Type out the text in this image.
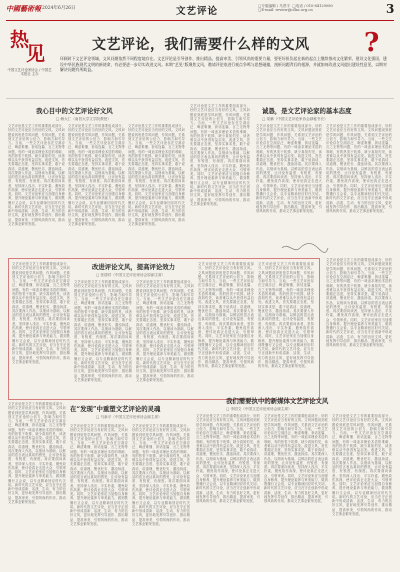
中國藝術報 2024年6月26日	文艺评论	□专版编辑 / 马景宇 □电话 / 010-84129080
□E-mail: review@cflac.org.cn	3
热
见
中国文艺评论家协会 / 中国艺术报社 主办
文艺评论，我们需要什么样的文风 ?
环顾时下文艺评论领域，文风问题依然不同程度地存在。文艺评论是引导创作、推出精品、提高审美、引领风尚的重要力量，要更好担负起在新的起点上继续推动文化繁荣、建设文化强国、建设中华民族现代文明的新使命，有必要进一步切实改进文风。本期“艺见”版聚焦文风，邀请评论家进行观点争鸣与思想碰撞，剖析问题背后的根源，并就如何改进文风提出建设性意见，以期对解决问题有所助益。
我心目中的文艺评论好文风
□ 赖大仁（南昌大学文学院教授）
文艺评论是文艺工作的重要组成部分，好的文艺评论应当有好的文风。文风问题说到底是学风问题、作风问题，关系到文艺评论的公信力、影响力和引导力。当前，一些文艺评论存在空洞浮泛、晦涩难懂、套话连篇、言之无物等问题，有的一味追求理论术语的堆砌，有的热衷于吹捧，缺少真知灼见，读者难以从中获得有益启发。改进文风，首先要端正态度，坚持实事求是，敢于说真话、讲道理，褒优贬劣、激浊扬清。其次要深入作品，以细读为基础，以鲜活的语言表达真切的感受，让评论有温度、有锐度、有深度。再次要面向读者，坚持深入浅出、平实朴素，避免故作高深，使评论真正走进大众、引领审美。同时，文艺评论家应当加强自身修养，提升理论素养与审美能力，做到既懂行又会说，以专业精神回应时代关切。新时代的文艺评论，应当在守正创新中形成清新、活泼、生动、有力的良好文风，更好地发挥引导创作、推出精品、提高审美、引领风尚的作用，推动文艺事业繁荣发展。
文艺评论是文艺工作的重要组成部分，好的文艺评论应当有好的文风。文风问题说到底是学风问题、作风问题，关系到文艺评论的公信力、影响力和引导力。当前，一些文艺评论存在空洞浮泛、晦涩难懂、套话连篇、言之无物等问题，有的一味追求理论术语的堆砌，有的热衷于吹捧，缺少真知灼见，读者难以从中获得有益启发。改进文风，首先要端正态度，坚持实事求是，敢于说真话、讲道理，褒优贬劣、激浊扬清。其次要深入作品，以细读为基础，以鲜活的语言表达真切的感受，让评论有温度、有锐度、有深度。再次要面向读者，坚持深入浅出、平实朴素，避免故作高深，使评论真正走进大众、引领审美。同时，文艺评论家应当加强自身修养，提升理论素养与审美能力，做到既懂行又会说，以专业精神回应时代关切。新时代的文艺评论，应当在守正创新中形成清新、活泼、生动、有力的良好文风，更好地发挥引导创作、推出精品、提高审美、引领风尚的作用，推动文艺事业繁荣发展。
文艺评论是文艺工作的重要组成部分，好的文艺评论应当有好的文风。文风问题说到底是学风问题、作风问题，关系到文艺评论的公信力、影响力和引导力。当前，一些文艺评论存在空洞浮泛、晦涩难懂、套话连篇、言之无物等问题，有的一味追求理论术语的堆砌，有的热衷于吹捧，缺少真知灼见，读者难以从中获得有益启发。改进文风，首先要端正态度，坚持实事求是，敢于说真话、讲道理，褒优贬劣、激浊扬清。其次要深入作品，以细读为基础，以鲜活的语言表达真切的感受，让评论有温度、有锐度、有深度。再次要面向读者，坚持深入浅出、平实朴素，避免故作高深，使评论真正走进大众、引领审美。同时，文艺评论家应当加强自身修养，提升理论素养与审美能力，做到既懂行又会说，以专业精神回应时代关切。新时代的文艺评论，应当在守正创新中形成清新、活泼、生动、有力的良好文风，更好地发挥引导创作、推出精品、提高审美、引领风尚的作用，推动文艺事业繁荣发展。
文艺评论是文艺工作的重要组成部分，好的文艺评论应当有好的文风。文风问题说到底是学风问题、作风问题，关系到文艺评论的公信力、影响力和引导力。当前，一些文艺评论存在空洞浮泛、晦涩难懂、套话连篇、言之无物等问题，有的一味追求理论术语的堆砌，有的热衷于吹捧，缺少真知灼见，读者难以从中获得有益启发。改进文风，首先要端正态度，坚持实事求是，敢于说真话、讲道理，褒优贬劣、激浊扬清。其次要深入作品，以细读为基础，以鲜活的语言表达真切的感受，让评论有温度、有锐度、有深度。再次要面向读者，坚持深入浅出、平实朴素，避免故作高深，使评论真正走进大众、引领审美。同时，文艺评论家应当加强自身修养，提升理论素养与审美能力，做到既懂行又会说，以专业精神回应时代关切。新时代的文艺评论，应当在守正创新中形成清新、活泼、生动、有力的良好文风，更好地发挥引导创作、推出精品、提高审美、引领风尚的作用，推动文艺事业繁荣发展。
诚恳，是文艺评论家的基本态度
□ 梁鹏（中国文艺评论家协会副秘书长）
文艺评论是文艺工作的重要组成部分，好的文艺评论应当有好的文风。文风问题说到底是学风问题、作风问题，关系到文艺评论的公信力、影响力和引导力。当前，一些文艺评论存在空洞浮泛、晦涩难懂、套话连篇、言之无物等问题，有的一味追求理论术语的堆砌，有的热衷于吹捧，缺少真知灼见，读者难以从中获得有益启发。改进文风，首先要端正态度，坚持实事求是，敢于说真话、讲道理，褒优贬劣、激浊扬清。其次要深入作品，以细读为基础，以鲜活的语言表达真切的感受，让评论有温度、有锐度、有深度。再次要面向读者，坚持深入浅出、平实朴素，避免故作高深，使评论真正走进大众、引领审美。同时，文艺评论家应当加强自身修养，提升理论素养与审美能力，做到既懂行又会说，以专业精神回应时代关切。新时代的文艺评论，应当在守正创新中形成清新、活泼、生动、有力的良好文风，更好地发挥引导创作、推出精品、提高审美、引领风尚的作用，推动文艺事业繁荣发展。
文艺评论是文艺工作的重要组成部分，好的文艺评论应当有好的文风。文风问题说到底是学风问题、作风问题，关系到文艺评论的公信力、影响力和引导力。当前，一些文艺评论存在空洞浮泛、晦涩难懂、套话连篇、言之无物等问题，有的一味追求理论术语的堆砌，有的热衷于吹捧，缺少真知灼见，读者难以从中获得有益启发。改进文风，首先要端正态度，坚持实事求是，敢于说真话、讲道理，褒优贬劣、激浊扬清。其次要深入作品，以细读为基础，以鲜活的语言表达真切的感受，让评论有温度、有锐度、有深度。再次要面向读者，坚持深入浅出、平实朴素，避免故作高深，使评论真正走进大众、引领审美。同时，文艺评论家应当加强自身修养，提升理论素养与审美能力，做到既懂行又会说，以专业精神回应时代关切。新时代的文艺评论，应当在守正创新中形成清新、活泼、生动、有力的良好文风，更好地发挥引导创作、推出精品、提高审美、引领风尚的作用，推动文艺事业繁荣发展。
文艺评论是文艺工作的重要组成部分，好的文艺评论应当有好的文风。文风问题说到底是学风问题、作风问题，关系到文艺评论的公信力、影响力和引导力。当前，一些文艺评论存在空洞浮泛、晦涩难懂、套话连篇、言之无物等问题，有的一味追求理论术语的堆砌，有的热衷于吹捧，缺少真知灼见，读者难以从中获得有益启发。改进文风，首先要端正态度，坚持实事求是，敢于说真话、讲道理，褒优贬劣、激浊扬清。其次要深入作品，以细读为基础，以鲜活的语言表达真切的感受，让评论有温度、有锐度、有深度。再次要面向读者，坚持深入浅出、平实朴素，避免故作高深，使评论真正走进大众、引领审美。同时，文艺评论家应当加强自身修养，提升理论素养与审美能力，做到既懂行又会说，以专业精神回应时代关切。新时代的文艺评论，应当在守正创新中形成清新、活泼、生动、有力的良好文风，更好地发挥引导创作、推出精品、提高审美、引领风尚的作用，推动文艺事业繁荣发展。
改进评论文风，提高评论效力
□ 张德祥（中国文艺评论家协会原副主席）
文艺评论是文艺工作的重要组成部分，好的文艺评论应当有好的文风。文风问题说到底是学风问题、作风问题，关系到文艺评论的公信力、影响力和引导力。当前，一些文艺评论存在空洞浮泛、晦涩难懂、套话连篇、言之无物等问题，有的一味追求理论术语的堆砌，有的热衷于吹捧，缺少真知灼见，读者难以从中获得有益启发。改进文风，首先要端正态度，坚持实事求是，敢于说真话、讲道理，褒优贬劣、激浊扬清。其次要深入作品，以细读为基础，以鲜活的语言表达真切的感受，让评论有温度、有锐度、有深度。再次要面向读者，坚持深入浅出、平实朴素，避免故作高深，使评论真正走进大众、引领审美。同时，文艺评论家应当加强自身修养，提升理论素养与审美能力，做到既懂行又会说，以专业精神回应时代关切。新时代的文艺评论，应当在守正创新中形成清新、活泼、生动、有力的良好文风，更好地发挥引导创作、推出精品、提高审美、引领风尚的作用，推动文艺事业繁荣发展。
文艺评论是文艺工作的重要组成部分，好的文艺评论应当有好的文风。文风问题说到底是学风问题、作风问题，关系到文艺评论的公信力、影响力和引导力。当前，一些文艺评论存在空洞浮泛、晦涩难懂、套话连篇、言之无物等问题，有的一味追求理论术语的堆砌，有的热衷于吹捧，缺少真知灼见，读者难以从中获得有益启发。改进文风，首先要端正态度，坚持实事求是，敢于说真话、讲道理，褒优贬劣、激浊扬清。其次要深入作品，以细读为基础，以鲜活的语言表达真切的感受，让评论有温度、有锐度、有深度。再次要面向读者，坚持深入浅出、平实朴素，避免故作高深，使评论真正走进大众、引领审美。同时，文艺评论家应当加强自身修养，提升理论素养与审美能力，做到既懂行又会说，以专业精神回应时代关切。新时代的文艺评论，应当在守正创新中形成清新、活泼、生动、有力的良好文风，更好地发挥引导创作、推出精品、提高审美、引领风尚的作用，推动文艺事业繁荣发展。
文艺评论是文艺工作的重要组成部分，好的文艺评论应当有好的文风。文风问题说到底是学风问题、作风问题，关系到文艺评论的公信力、影响力和引导力。当前，一些文艺评论存在空洞浮泛、晦涩难懂、套话连篇、言之无物等问题，有的一味追求理论术语的堆砌，有的热衷于吹捧，缺少真知灼见，读者难以从中获得有益启发。改进文风，首先要端正态度，坚持实事求是，敢于说真话、讲道理，褒优贬劣、激浊扬清。其次要深入作品，以细读为基础，以鲜活的语言表达真切的感受，让评论有温度、有锐度、有深度。再次要面向读者，坚持深入浅出、平实朴素，避免故作高深，使评论真正走进大众、引领审美。同时，文艺评论家应当加强自身修养，提升理论素养与审美能力，做到既懂行又会说，以专业精神回应时代关切。新时代的文艺评论，应当在守正创新中形成清新、活泼、生动、有力的良好文风，更好地发挥引导创作、推出精品、提高审美、引领风尚的作用，推动文艺事业繁荣发展。
文艺评论是文艺工作的重要组成部分，好的文艺评论应当有好的文风。文风问题说到底是学风问题、作风问题，关系到文艺评论的公信力、影响力和引导力。当前，一些文艺评论存在空洞浮泛、晦涩难懂、套话连篇、言之无物等问题，有的一味追求理论术语的堆砌，有的热衷于吹捧，缺少真知灼见，读者难以从中获得有益启发。改进文风，首先要端正态度，坚持实事求是，敢于说真话、讲道理，褒优贬劣、激浊扬清。其次要深入作品，以细读为基础，以鲜活的语言表达真切的感受，让评论有温度、有锐度、有深度。再次要面向读者，坚持深入浅出、平实朴素，避免故作高深，使评论真正走进大众、引领审美。同时，文艺评论家应当加强自身修养，提升理论素养与审美能力，做到既懂行又会说，以专业精神回应时代关切。新时代的文艺评论，应当在守正创新中形成清新、活泼、生动、有力的良好文风，更好地发挥引导创作、推出精品、提高审美、引领风尚的作用，推动文艺事业繁荣发展。
文艺评论是文艺工作的重要组成部分，好的文艺评论应当有好的文风。文风问题说到底是学风问题、作风问题，关系到文艺评论的公信力、影响力和引导力。当前，一些文艺评论存在空洞浮泛、晦涩难懂、套话连篇、言之无物等问题，有的一味追求理论术语的堆砌，有的热衷于吹捧，缺少真知灼见，读者难以从中获得有益启发。改进文风，首先要端正态度，坚持实事求是，敢于说真话、讲道理，褒优贬劣、激浊扬清。其次要深入作品，以细读为基础，以鲜活的语言表达真切的感受，让评论有温度、有锐度、有深度。再次要面向读者，坚持深入浅出、平实朴素，避免故作高深，使评论真正走进大众、引领审美。同时，文艺评论家应当加强自身修养，提升理论素养与审美能力，做到既懂行又会说，以专业精神回应时代关切。新时代的文艺评论，应当在守正创新中形成清新、活泼、生动、有力的良好文风，更好地发挥引导创作、推出精品、提高审美、引领风尚的作用，推动文艺事业繁荣发展。
我们需要执中的新媒体文艺评论文风
□ 李国文（中国文艺评论家协会副主席）
文艺评论是文艺工作的重要组成部分，好的文艺评论应当有好的文风。文风问题说到底是学风问题、作风问题，关系到文艺评论的公信力、影响力和引导力。当前，一些文艺评论存在空洞浮泛、晦涩难懂、套话连篇、言之无物等问题，有的一味追求理论术语的堆砌，有的热衷于吹捧，缺少真知灼见，读者难以从中获得有益启发。改进文风，首先要端正态度，坚持实事求是，敢于说真话、讲道理，褒优贬劣、激浊扬清。其次要深入作品，以细读为基础，以鲜活的语言表达真切的感受，让评论有温度、有锐度、有深度。再次要面向读者，坚持深入浅出、平实朴素，避免故作高深，使评论真正走进大众、引领审美。同时，文艺评论家应当加强自身修养，提升理论素养与审美能力，做到既懂行又会说，以专业精神回应时代关切。新时代的文艺评论，应当在守正创新中形成清新、活泼、生动、有力的良好文风，更好地发挥引导创作、推出精品、提高审美、引领风尚的作用，推动文艺事业繁荣发展。
文艺评论是文艺工作的重要组成部分，好的文艺评论应当有好的文风。文风问题说到底是学风问题、作风问题，关系到文艺评论的公信力、影响力和引导力。当前，一些文艺评论存在空洞浮泛、晦涩难懂、套话连篇、言之无物等问题，有的一味追求理论术语的堆砌，有的热衷于吹捧，缺少真知灼见，读者难以从中获得有益启发。改进文风，首先要端正态度，坚持实事求是，敢于说真话、讲道理，褒优贬劣、激浊扬清。其次要深入作品，以细读为基础，以鲜活的语言表达真切的感受，让评论有温度、有锐度、有深度。再次要面向读者，坚持深入浅出、平实朴素，避免故作高深，使评论真正走进大众、引领审美。同时，文艺评论家应当加强自身修养，提升理论素养与审美能力，做到既懂行又会说，以专业精神回应时代关切。新时代的文艺评论，应当在守正创新中形成清新、活泼、生动、有力的良好文风，更好地发挥引导创作、推出精品、提高审美、引领风尚的作用，推动文艺事业繁荣发展。
文艺评论是文艺工作的重要组成部分，好的文艺评论应当有好的文风。文风问题说到底是学风问题、作风问题，关系到文艺评论的公信力、影响力和引导力。当前，一些文艺评论存在空洞浮泛、晦涩难懂、套话连篇、言之无物等问题，有的一味追求理论术语的堆砌，有的热衷于吹捧，缺少真知灼见，读者难以从中获得有益启发。改进文风，首先要端正态度，坚持实事求是，敢于说真话、讲道理，褒优贬劣、激浊扬清。其次要深入作品，以细读为基础，以鲜活的语言表达真切的感受，让评论有温度、有锐度、有深度。再次要面向读者，坚持深入浅出、平实朴素，避免故作高深，使评论真正走进大众、引领审美。同时，文艺评论家应当加强自身修养，提升理论素养与审美能力，做到既懂行又会说，以专业精神回应时代关切。新时代的文艺评论，应当在守正创新中形成清新、活泼、生动、有力的良好文风，更好地发挥引导创作、推出精品、提高审美、引领风尚的作用，推动文艺事业繁荣发展。
文艺评论是文艺工作的重要组成部分，好的文艺评论应当有好的文风。文风问题说到底是学风问题、作风问题，关系到文艺评论的公信力、影响力和引导力。当前，一些文艺评论存在空洞浮泛、晦涩难懂、套话连篇、言之无物等问题，有的一味追求理论术语的堆砌，有的热衷于吹捧，缺少真知灼见，读者难以从中获得有益启发。改进文风，首先要端正态度，坚持实事求是，敢于说真话、讲道理，褒优贬劣、激浊扬清。其次要深入作品，以细读为基础，以鲜活的语言表达真切的感受，让评论有温度、有锐度、有深度。再次要面向读者，坚持深入浅出、平实朴素，避免故作高深，使评论真正走进大众、引领审美。同时，文艺评论家应当加强自身修养，提升理论素养与审美能力，做到既懂行又会说，以专业精神回应时代关切。新时代的文艺评论，应当在守正创新中形成清新、活泼、生动、有力的良好文风，更好地发挥引导创作、推出精品、提高审美、引领风尚的作用，推动文艺事业繁荣发展。
在“发现”中重塑文艺评论的灵魂
□ 马新平（中国文艺评论家协会副主席）
文艺评论是文艺工作的重要组成部分，好的文艺评论应当有好的文风。文风问题说到底是学风问题、作风问题，关系到文艺评论的公信力、影响力和引导力。当前，一些文艺评论存在空洞浮泛、晦涩难懂、套话连篇、言之无物等问题，有的一味追求理论术语的堆砌，有的热衷于吹捧，缺少真知灼见，读者难以从中获得有益启发。改进文风，首先要端正态度，坚持实事求是，敢于说真话、讲道理，褒优贬劣、激浊扬清。其次要深入作品，以细读为基础，以鲜活的语言表达真切的感受，让评论有温度、有锐度、有深度。再次要面向读者，坚持深入浅出、平实朴素，避免故作高深，使评论真正走进大众、引领审美。同时，文艺评论家应当加强自身修养，提升理论素养与审美能力，做到既懂行又会说，以专业精神回应时代关切。新时代的文艺评论，应当在守正创新中形成清新、活泼、生动、有力的良好文风，更好地发挥引导创作、推出精品、提高审美、引领风尚的作用，推动文艺事业繁荣发展。
文艺评论是文艺工作的重要组成部分，好的文艺评论应当有好的文风。文风问题说到底是学风问题、作风问题，关系到文艺评论的公信力、影响力和引导力。当前，一些文艺评论存在空洞浮泛、晦涩难懂、套话连篇、言之无物等问题，有的一味追求理论术语的堆砌，有的热衷于吹捧，缺少真知灼见，读者难以从中获得有益启发。改进文风，首先要端正态度，坚持实事求是，敢于说真话、讲道理，褒优贬劣、激浊扬清。其次要深入作品，以细读为基础，以鲜活的语言表达真切的感受，让评论有温度、有锐度、有深度。再次要面向读者，坚持深入浅出、平实朴素，避免故作高深，使评论真正走进大众、引领审美。同时，文艺评论家应当加强自身修养，提升理论素养与审美能力，做到既懂行又会说，以专业精神回应时代关切。新时代的文艺评论，应当在守正创新中形成清新、活泼、生动、有力的良好文风，更好地发挥引导创作、推出精品、提高审美、引领风尚的作用，推动文艺事业繁荣发展。
